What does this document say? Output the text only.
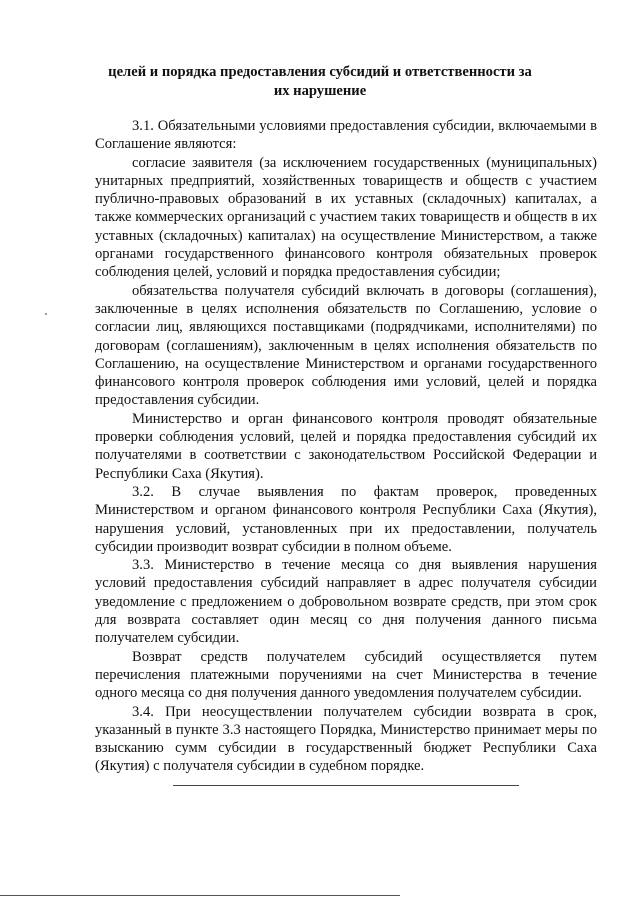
целей и порядка предоставления субсидий и ответственности за их нарушение

3.1. Обязательными условиями предоставления субсидии, включаемыми в Соглашение являются:

согласие заявителя (за исключением государственных (муниципальных) унитарных предприятий, хозяйственных товариществ и обществ с участием публично-правовых образований в их уставных (складочных) капиталах, а также коммерческих организаций с участием таких товариществ и обществ в их уставных (складочных) капиталах) на осуществление Министерством, а также органами государственного финансового контроля обязательных проверок соблюдения целей, условий и порядка предоставления субсидии;

обязательства получателя субсидий включать в договоры (соглашения), заключенные в целях исполнения обязательств по Соглашению, условие о согласии лиц, являющихся поставщиками (подрядчиками, исполнителями) по договорам (соглашениям), заключенным в целях исполнения обязательств по Соглашению, на осуществление Министерством и органами государственного финансового контроля проверок соблюдения ими условий, целей и порядка предоставления субсидии.

Министерство и орган финансового контроля проводят обязательные проверки соблюдения условий, целей и порядка предоставления субсидий их получателями в соответствии с законодательством Российской Федерации и Республики Саха (Якутия).

3.2. В случае выявления по фактам проверок, проведенных Министерством и органом финансового контроля Республики Саха (Якутия), нарушения условий, установленных при их предоставлении, получатель субсидии производит возврат субсидии в полном объеме.

3.3. Министерство в течение месяца со дня выявления нарушения условий предоставления субсидий направляет в адрес получателя субсидии уведомление с предложением о добровольном возврате средств, при этом срок для возврата составляет один месяц со дня получения данного письма получателем субсидии.

Возврат средств получателем субсидий осуществляется путем перечисления платежными поручениями на счет Министерства в течение одного месяца со дня получения данного уведомления получателем субсидии.

3.4. При неосуществлении получателем субсидии возврата в срок, указанный в пункте 3.3 настоящего Порядка, Министерство принимает меры по взысканию сумм субсидии в государственный бюджет Республики Саха (Якутия) с получателя субсидии в судебном порядке.
